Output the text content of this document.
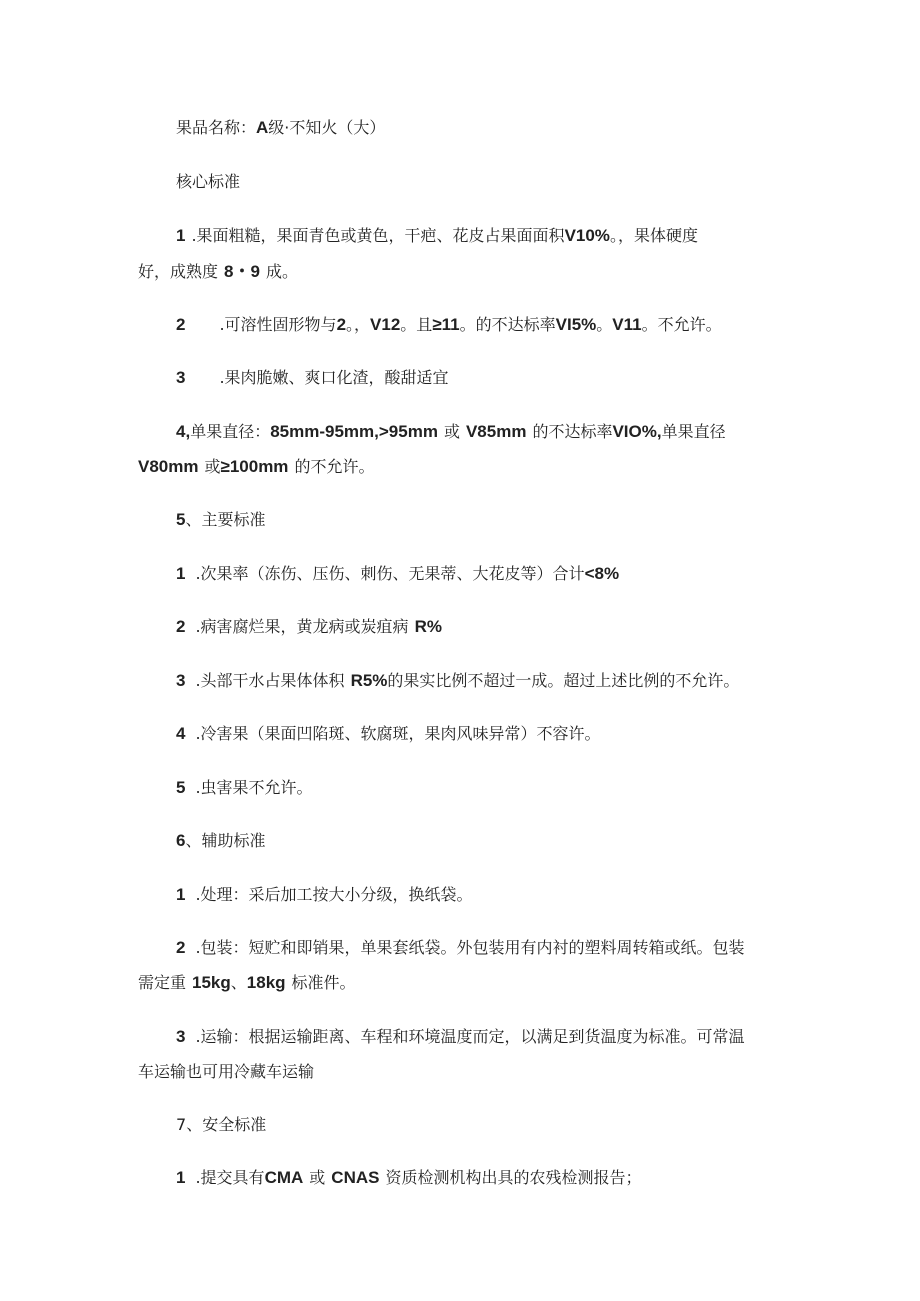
果品名称：A级·不知火（大）
核心标准
1 .果面粗糙，果面青色或黄色，干疤、花皮占果面面积V10%。，果体硬度
好，成熟度 8・9 成。
2 .可溶性固形物与2。，V12。且≥11。的不达标率VI5%。V11。不允许。
3 .果肉脆嫩、爽口化渣，酸甜适宜
4,单果直径：85mm-95mm,>95mm 或 V85mm 的不达标率VIO%,单果直径
V80mm 或≥100mm 的不允许。
5、主要标准
1 .次果率（冻伤、压伤、刺伤、无果蒂、大花皮等）合计<8%
2 .病害腐烂果，黄龙病或炭疽病 R%
3 .头部干水占果体体积 R5%的果实比例不超过一成。超过上述比例的不允许。
4 .冷害果（果面凹陷斑、软腐斑，果肉风味异常）不容许。
5 .虫害果不允许。
6、辅助标准
1 .处理：采后加工按大小分级，换纸袋。
2 .包装：短贮和即销果，单果套纸袋。外包装用有内衬的塑料周转箱或纸。包装
需定重 15kg、18kg 标准件。
3 .运输：根据运输距离、车程和环境温度而定，以满足到货温度为标准。可常温
车运输也可用冷藏车运输
7、安全标准
1 .提交具有CMA 或 CNAS 资质检测机构出具的农残检测报告；
